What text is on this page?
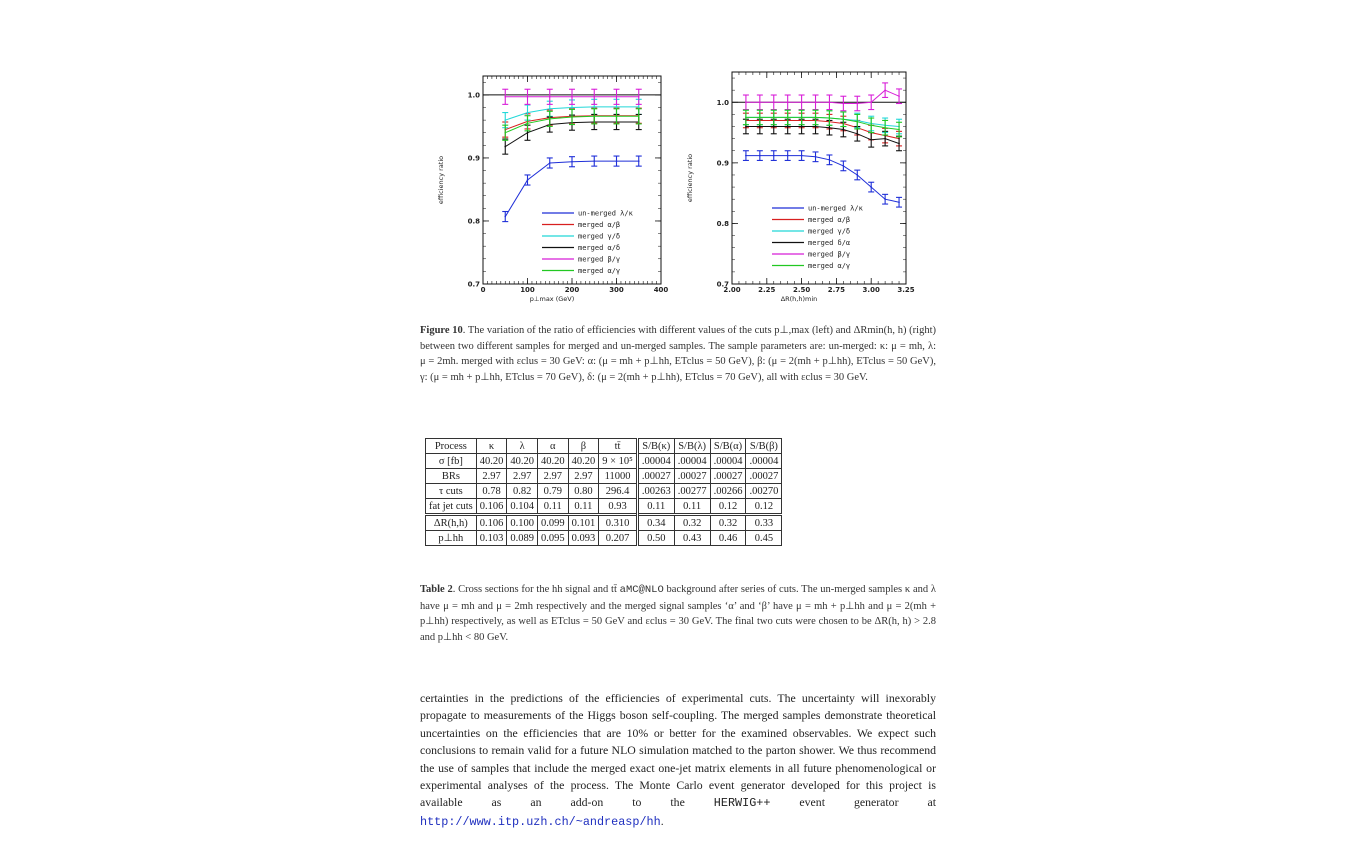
0	100	200	300	400
0.7
0.8
0.9
1.0
p⊥max (GeV)
efficiency ratio
un-merged λ/κ
merged α/β
merged γ/δ
merged α/δ
merged β/γ
merged α/γ
2.00	2.25	2.50	2.75	3.00	3.25
0.7
0.8
0.9
1.0
ΔR(h,h)min
efficiency ratio
un-merged λ/κ
merged α/β
merged γ/δ
merged δ/α
merged β/γ
merged α/γ
Figure 10. The variation of the ratio of efficiencies with different values of the cuts p⊥,max (left) and ΔRmin(h, h) (right) between two different samples for merged and un-merged samples. The sample parameters are: un-merged: κ: μ = mh, λ: μ = 2mh. merged with εclus = 30 GeV: α: (μ = mh + p⊥hh, ETclus = 50 GeV), β: (μ = 2(mh + p⊥hh), ETclus = 50 GeV), γ: (μ = mh + p⊥hh, ETclus = 70 GeV), δ: (μ = 2(mh + p⊥hh), ETclus = 70 GeV), all with εclus = 30 GeV.
Process	κ	λ	α	β	tt̄	S/B(κ)	S/B(λ)	S/B(α)	S/B(β)
σ [fb]	40.20	40.20	40.20	40.20	9 × 10⁵	.00004	.00004	.00004	.00004
BRs	2.97	2.97	2.97	2.97	11000	.00027	.00027	.00027	.00027
τ cuts	0.78	0.82	0.79	0.80	296.4	.00263	.00277	.00266	.00270
fat jet cuts	0.106	0.104	0.11	0.11	0.93	0.11	0.11	0.12	0.12
ΔR(h,h)	0.106	0.100	0.099	0.101	0.310	0.34	0.32	0.32	0.33
p⊥hh	0.103	0.089	0.095	0.093	0.207	0.50	0.43	0.46	0.45
Table 2. Cross sections for the hh signal and tt̄ aMC@NLO background after series of cuts. The un-merged samples κ and λ have μ = mh and μ = 2mh respectively and the merged signal samples ‘α’ and ‘β’ have μ = mh + p⊥hh and μ = 2(mh + p⊥hh) respectively, as well as ETclus = 50 GeV and εclus = 30 GeV. The final two cuts were chosen to be ΔR(h, h) > 2.8 and p⊥hh < 80 GeV.
certainties in the predictions of the efficiencies of experimental cuts. The uncertainty will inexorably propagate to measurements of the Higgs boson self-coupling. The merged samples demonstrate theoretical uncertainties on the efficiencies that are 10% or better for the examined observables. We expect such conclusions to remain valid for a future NLO simulation matched to the parton shower. We thus recommend the use of samples that include the merged exact one-jet matrix elements in all future phenomenological or experimental analyses of the process. The Monte Carlo event generator developed for this project is available as an add-on to the HERWIG++ event generator at http://www.itp.uzh.ch/~andreasp/hh.
